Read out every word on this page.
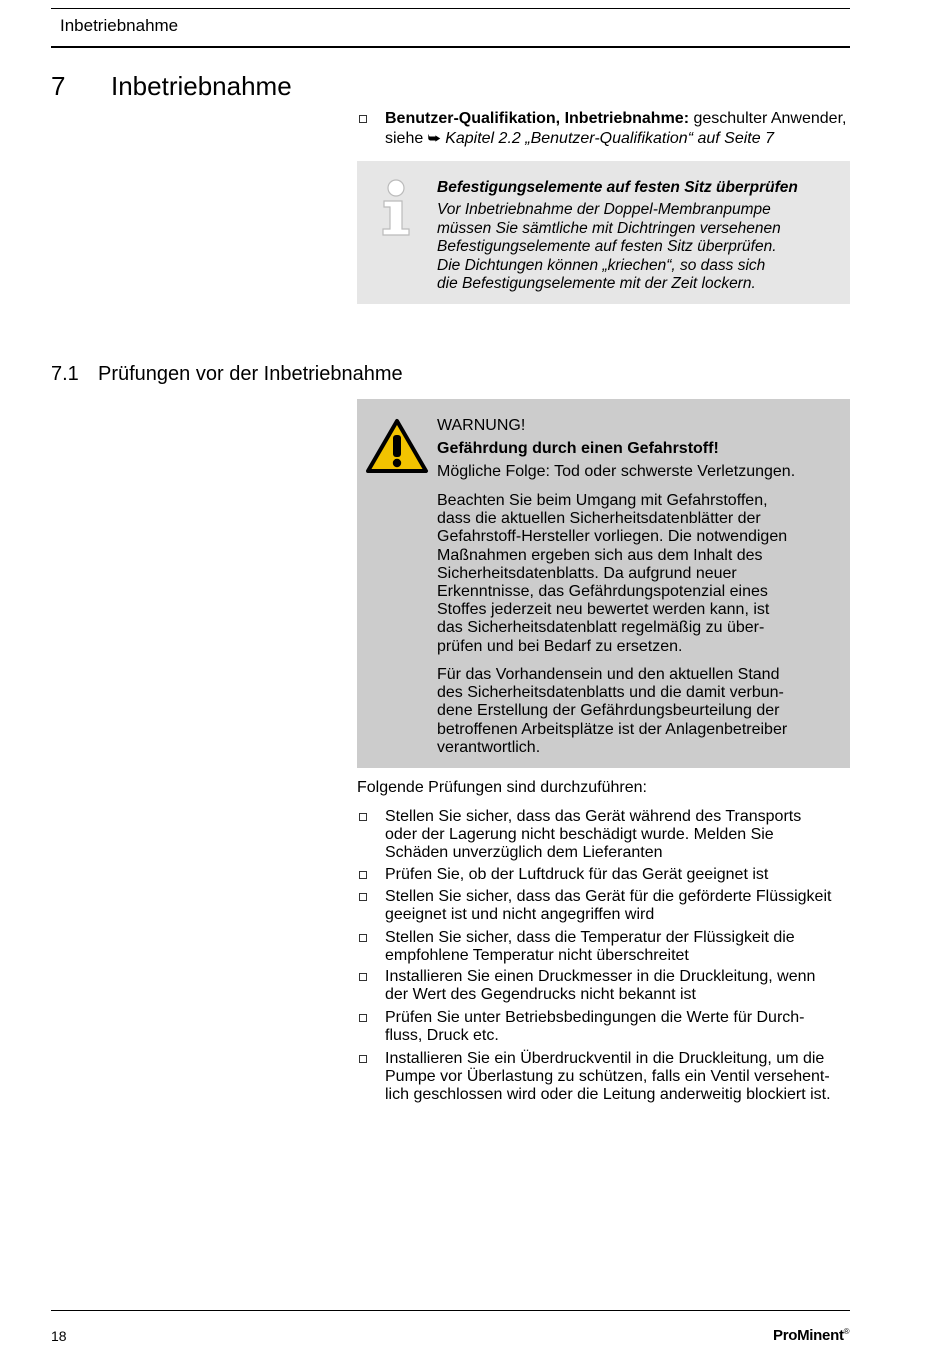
Inbetriebnahme
7 Inbetriebnahme
Benutzer-Qualifikation, Inbetriebnahme: geschulter Anwender,
siehe ⮩ Kapitel 2.2 „Benutzer-Qualifikation“ auf Seite 7
Befestigungselemente auf festen Sitz überprüfen

Vor Inbetriebnahme der Doppel-Membranpumpe

müssen Sie sämtliche mit Dichtringen versehenen

Befestigungselemente auf festen Sitz überprüfen.

Die Dichtungen können „kriechen“, so dass sich

die Befestigungselemente mit der Zeit lockern.

7.1 Prüfungen vor der Inbetriebnahme
WARNUNG!
Gefährdung durch einen Gefahrstoff!
Mögliche Folge: Tod oder schwerste Verletzungen.

Beachten Sie beim Umgang mit Gefahrstoffen,

dass die aktuellen Sicherheitsdatenblätter der

Gefahrstoff-Hersteller vorliegen. Die notwendigen

Maßnahmen ergeben sich aus dem Inhalt des

Sicherheitsdatenblatts. Da aufgrund neuer

Erkenntnisse, das Gefährdungspotenzial eines

Stoffes jederzeit neu bewertet werden kann, ist

das Sicherheitsdatenblatt regelmäßig zu über-

prüfen und bei Bedarf zu ersetzen.

Für das Vorhandensein und den aktuellen Stand

des Sicherheitsdatenblatts und die damit verbun-

dene Erstellung der Gefährdungsbeurteilung der

betroffenen Arbeitsplätze ist der Anlagenbetreiber

verantwortlich.

Folgende Prüfungen sind durchzuführen:
Stellen Sie sicher, dass das Gerät während des Transports
oder der Lagerung nicht beschädigt wurde. Melden Sie
Schäden unverzüglich dem Lieferanten
Prüfen Sie, ob der Luftdruck für das Gerät geeignet ist
Stellen Sie sicher, dass das Gerät für die geförderte Flüssigkeit
geeignet ist und nicht angegriffen wird
Stellen Sie sicher, dass die Temperatur der Flüssigkeit die
empfohlene Temperatur nicht überschreitet
Installieren Sie einen Druckmesser in die Druckleitung, wenn
der Wert des Gegendrucks nicht bekannt ist
Prüfen Sie unter Betriebsbedingungen die Werte für Durch-
fluss, Druck etc.
Installieren Sie ein Überdruckventil in die Druckleitung, um die
Pumpe vor Überlastung zu schützen, falls ein Ventil versehent-
lich geschlossen wird oder die Leitung anderweitig blockiert ist.
18	ProMinent®
